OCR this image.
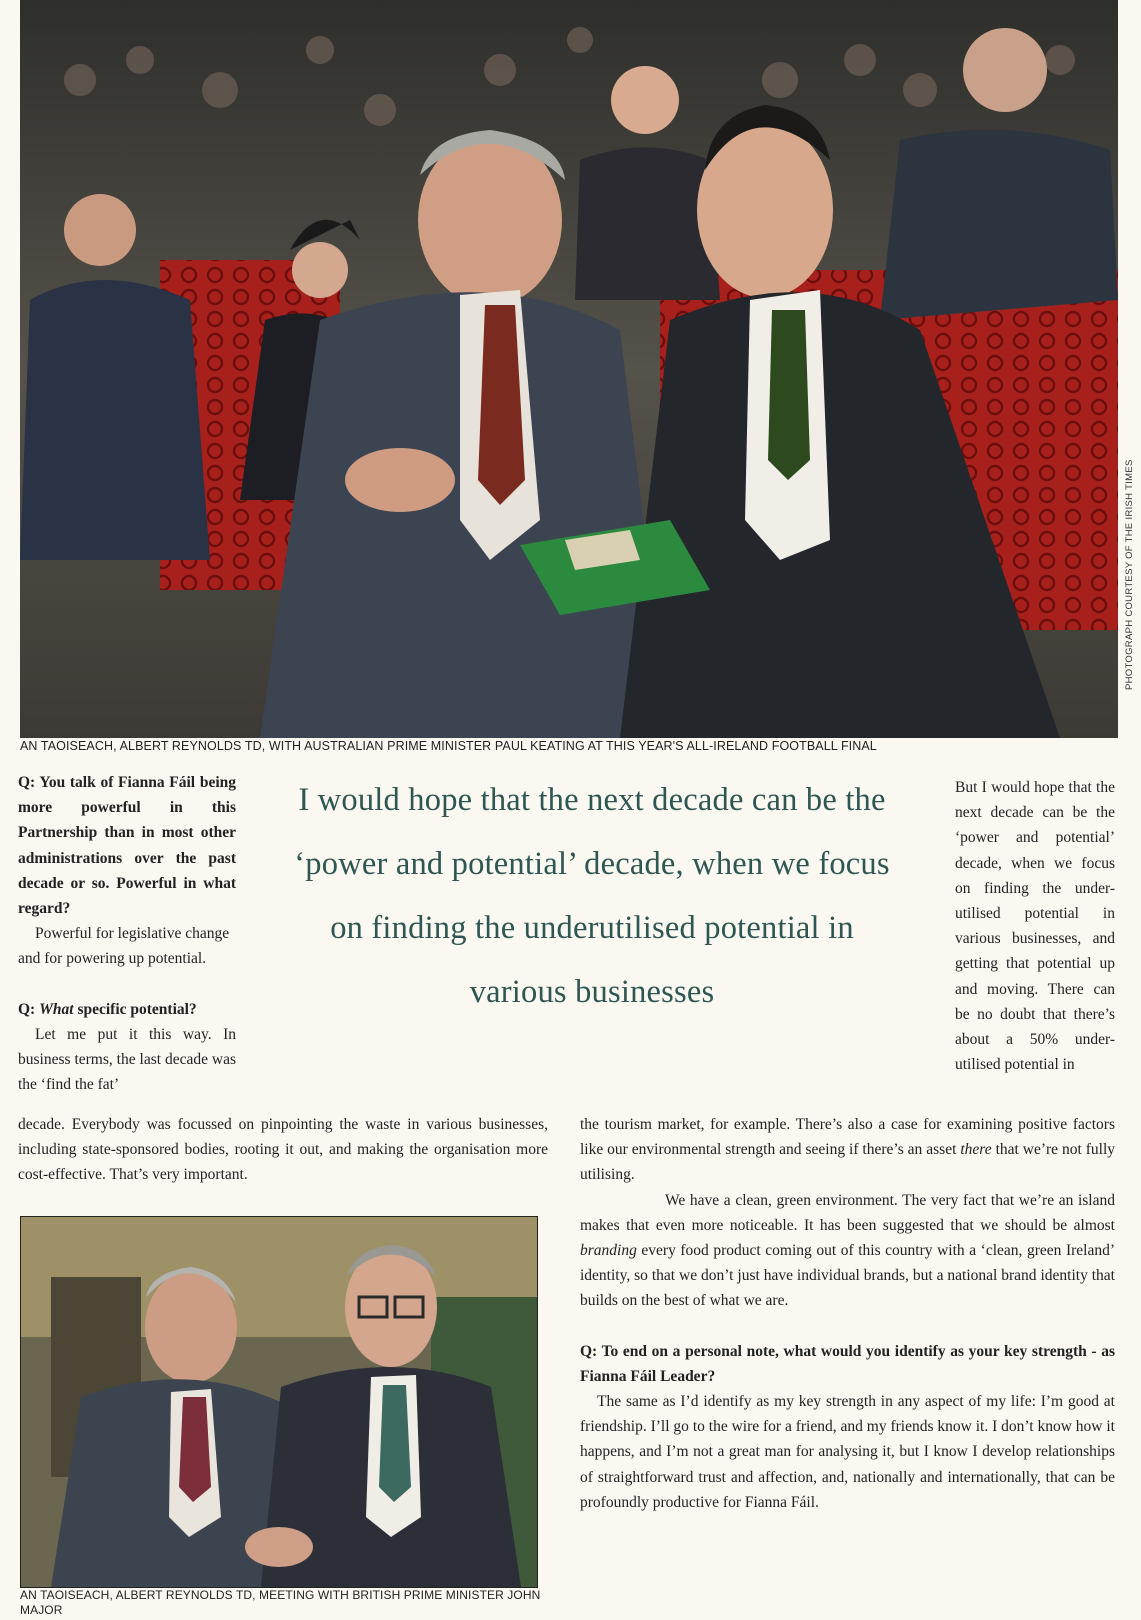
PHOTOGRAPH COURTESY OF THE IRISH TIMES
AN TAOISEACH, ALBERT REYNOLDS TD, WITH AUSTRALIAN PRIME MINISTER PAUL KEATING AT THIS YEAR'S ALL-IRELAND FOOTBALL FINAL

Q: You talk of Fianna Fáil being more powerful in this Partnership than in most other administrations over the past decade or so. Powerful in what regard?

Powerful for legislative change and for powering up potential.

Q: What specific potential?

Let me put it this way. In business terms, the last decade was the ‘find the fat’

I would hope that the next decade can be the ‘power and potential’ decade, when we focus on finding the underutilised potential in various businesses
But I would hope that the next decade can be the ‘power and potential’ decade, when we focus on finding the under-utilised potential in various businesses, and getting that potential up and moving. There can be no doubt that there’s about a 50% under-utilised potential in
decade. Everybody was focussed on pinpointing the waste in various businesses, including state-sponsored bodies, rooting it out, and making the organisation more cost-effective. That’s very important.

the tourism market, for example. There’s also a case for examining positive factors like our environmental strength and seeing if there’s an asset there that we’re not fully utilising.

We have a clean, green environment. The very fact that we’re an island makes that even more noticeable. It has been suggested that we should be almost branding every food product coming out of this country with a ‘clean, green Ireland’ identity, so that we don’t just have individual brands, but a national brand identity that builds on the best of what we are.

Q: To end on a personal note, what would you identify as your key strength - as Fianna Fáil Leader?

The same as I’d identify as my key strength in any aspect of my life: I’m good at friendship. I’ll go to the wire for a friend, and my friends know it. I don’t know how it happens, and I’m not a great man for analysing it, but I know I develop relationships of straightforward trust and affection, and, nationally and internationally, that can be profoundly productive for Fianna Fáil.

AN TAOISEACH, ALBERT REYNOLDS TD, MEETING WITH BRITISH PRIME MINISTER JOHN MAJOR
